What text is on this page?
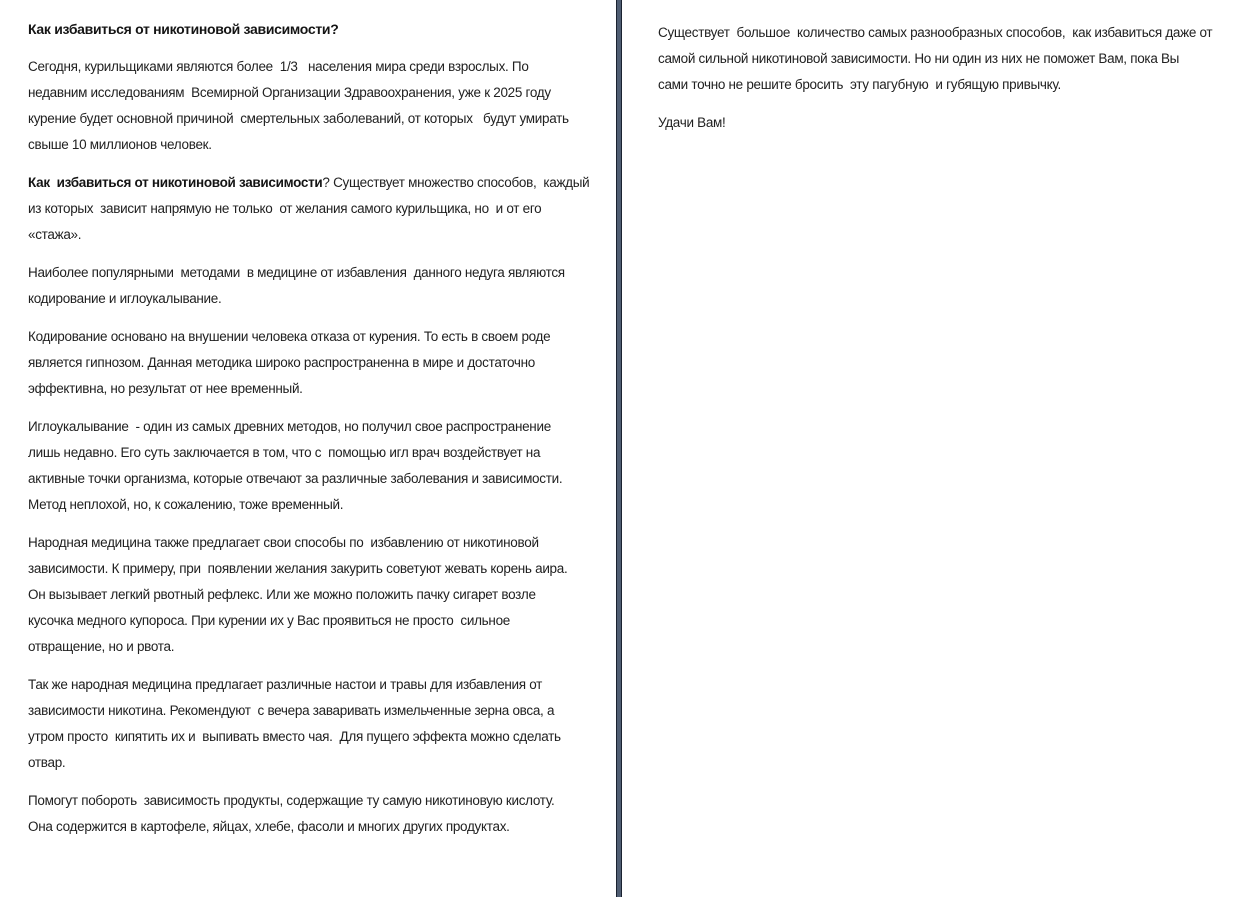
Как избавиться от никотиновой зависимости?
Сегодня, курильщиками являются более  1/3   населения мира среди взрослых. По
недавним исследованиям  Всемирной Организации Здравоохранения, уже к 2025 году
курение будет основной причиной  смертельных заболеваний, от которых   будут умирать
свыше 10 миллионов человек.
Как  избавиться от никотиновой зависимости? Существует множество способов,  каждый
из которых  зависит напрямую не только  от желания самого курильщика, но  и от его
«стажа».
Наиболее популярными  методами  в медицине от избавления  данного недуга являются
кодирование и иглоукалывание.
Кодирование основано на внушении человека отказа от курения. То есть в своем роде
является гипнозом. Данная методика широко распространенна в мире и достаточно
эффективна, но результат от нее временный.
Иглоукалывание  - один из самых древних методов, но получил свое распространение
лишь недавно. Его суть заключается в том, что с  помощью игл врач воздействует на
активные точки организма, которые отвечают за различные заболевания и зависимости.
Метод неплохой, но, к сожалению, тоже временный.
Народная медицина также предлагает свои способы по  избавлению от никотиновой
зависимости. К примеру, при  появлении желания закурить советуют жевать корень аира.
Он вызывает легкий рвотный рефлекс. Или же можно положить пачку сигарет возле
кусочка медного купороса. При курении их у Вас проявиться не просто  сильное
отвращение, но и рвота.
Так же народная медицина предлагает различные настои и травы для избавления от
зависимости никотина. Рекомендуют  с вечера заваривать измельченные зерна овса, а
утром просто  кипятить их и  выпивать вместо чая.  Для пущего эффекта можно сделать
отвар.
Помогут побороть  зависимость продукты, содержащие ту самую никотиновую кислоту.
Она содержится в картофеле, яйцах, хлебе, фасоли и многих других продуктах.
Существует  большое  количество самых разнообразных способов,  как избавиться даже от
самой сильной никотиновой зависимости. Но ни один из них не поможет Вам, пока Вы
сами точно не решите бросить  эту пагубную  и губящую привычку.
Удачи Вам!
